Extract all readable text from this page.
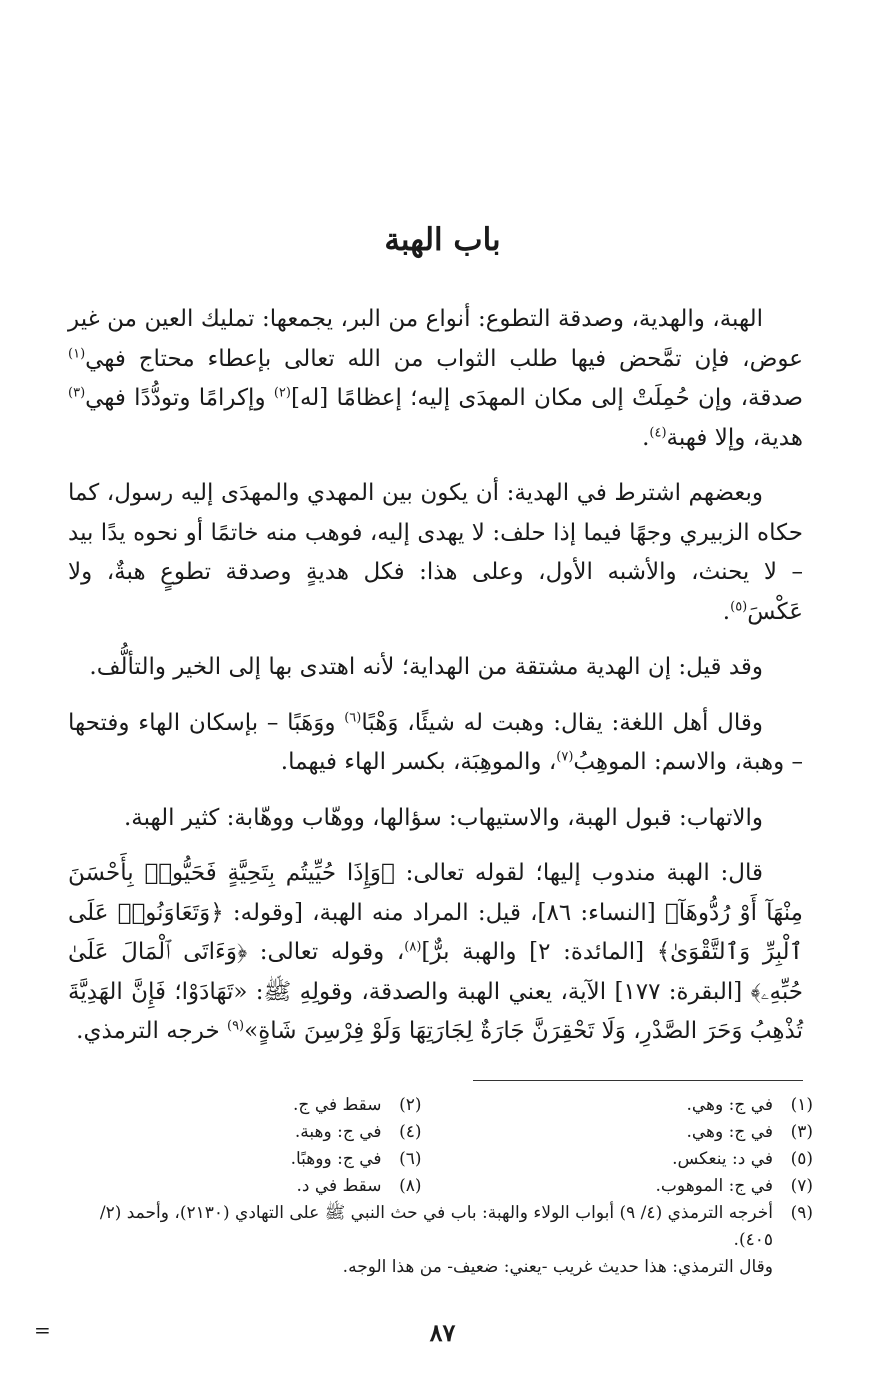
باب الهبة

الهبة، والهدية، وصدقة التطوع: أنواع من البر، يجمعها: تمليك العين من غير عوض، فإن تمَّحض فيها طلب الثواب من الله تعالى بإعطاء محتاج فهي$^{(١)}$ صدقة، وإن حُمِلَتْ إلى مكان المهدَى إليه؛ إعظامًا [له]$^{(٢)}$ وإكرامًا وتودُّدًا فهي$^{(٣)}$ هدية، وإلا فهبة$^{(٤)}$.

وبعضهم اشترط في الهدية: أن يكون بين المهدي والمهدَى إليه رسول، كما حكاه الزبيري وجهًا فيما إذا حلف: لا يهدى إليه، فوهب منه خاتمًا أو نحوه يدًا بيد – لا يحنث، والأشبه الأول، وعلى هذا: فكل هديةٍ وصدقة تطوعٍ هبةٌ، ولا عَكْسَ$^{(٥)}$.

وقد قيل: إن الهدية مشتقة من الهداية؛ لأنه اهتدى بها إلى الخير والتألُّف.

وقال أهل اللغة: يقال: وهبت له شيئًا، وَهْبًا$^{(٦)}$ ووَهَبًا – بإسكان الهاء وفتحها – وهبة، والاسم: الموهِبُ$^{(٧)}$، والموهِبَة، بكسر الهاء فيهما.

والاتهاب: قبول الهبة، والاستيهاب: سؤالها، ووهّاب ووهّابة: كثير الهبة.

قال: الهبة مندوب إليها؛ لقوله تعالى: ﴿وَإِذَا حُيِّيتُم بِتَحِيَّةٍ فَحَيُّوا۟ بِأَحْسَنَ مِنْهَآ أَوْ رُدُّوهَآ﴾ [النساء: ٨٦]، قيل: المراد منه الهبة، [وقوله: ﴿وَتَعَاوَنُوا۟ عَلَى ٱلْبِرِّ وَٱلتَّقْوَىٰ﴾ [المائدة: ٢] والهبة برٌّ]$^{(٨)}$، وقوله تعالى: ﴿وَءَاتَى ٱلْمَالَ عَلَىٰ حُبِّهِۦ﴾ [البقرة: ١٧٧] الآية، يعني الهبة والصدقة، وقولِهِ ﷺ: «تَهَادَوْا؛ فَإِنَّ الهَدِيَّةَ تُذْهِبُ وَحَرَ الصَّدْرِ، وَلَا تَحْقِرَنَّ جَارَةٌ لِجَارَتِهَا وَلَوْ فِرْسِنَ شَاةٍ»$^{(٩)}$ خرجه الترمذي.

(١)
في ج: وهي.
(٢)
سقط في ج.
(٣)
في ج: وهي.
(٤)
في ج: وهبة.
(٥)
في د: ينعكس.
(٦)
في ج: ووهبًا.
(٧)
في ج: الموهوب.
(٨)
سقط في د.
(٩)
أخرجه الترمذي (٤/ ٩) أبواب الولاء والهبة: باب في حث النبي ﷺ على التهادي (٢١٣٠)، وأحمد (٢/ ٤٠٥).
وقال الترمذي: هذا حديث غريب -يعني: ضعيف- من هذا الوجه.
٨٧
=
